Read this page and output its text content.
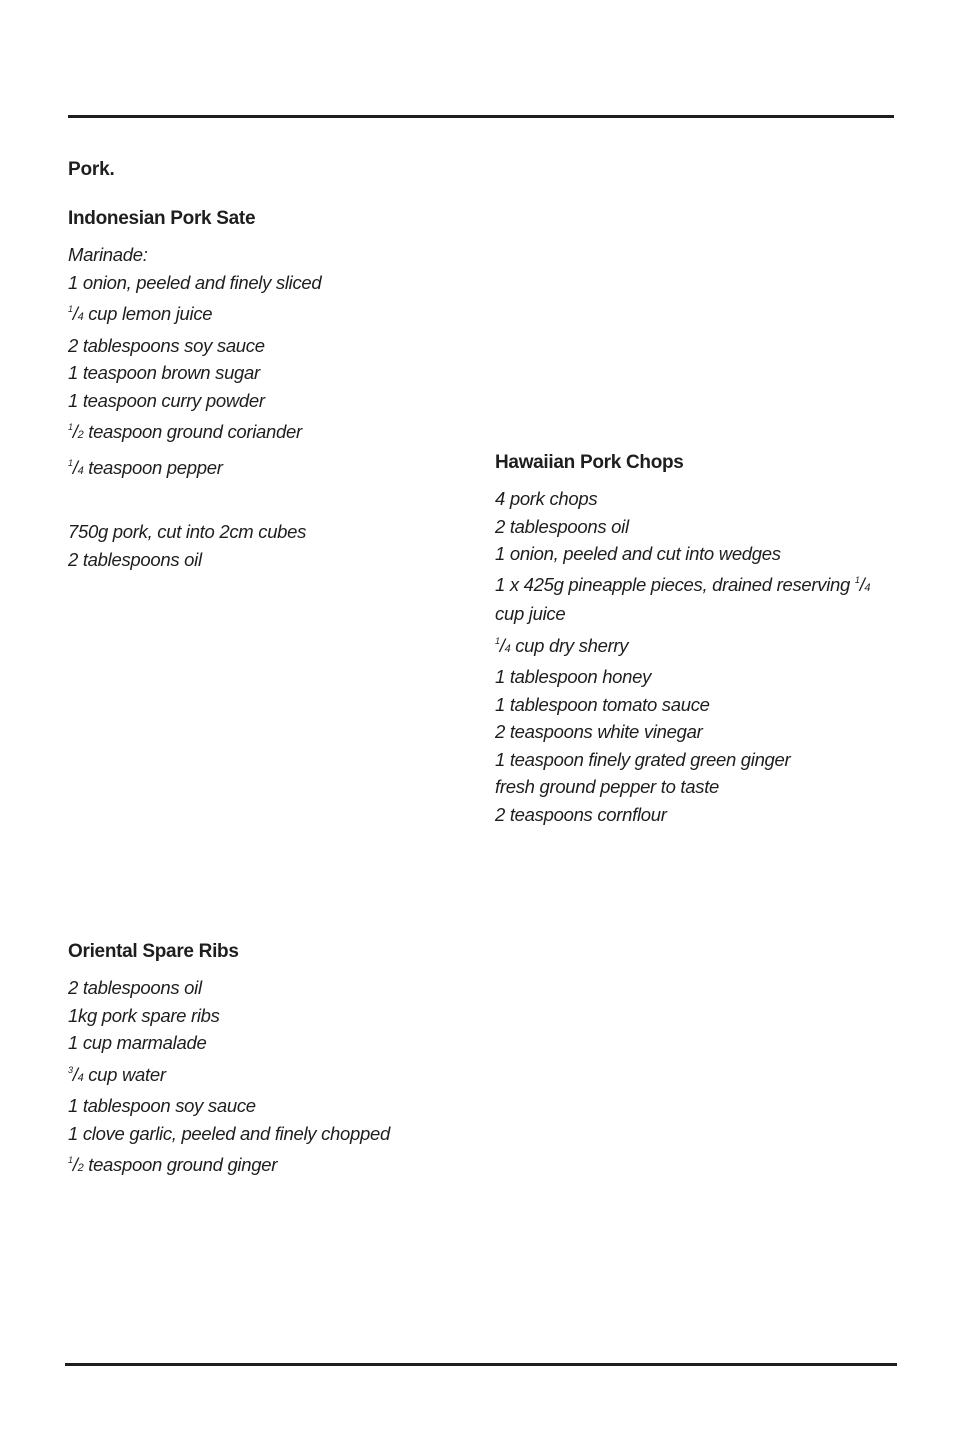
Pork.
Indonesian Pork Sate
Marinade:
1 onion, peeled and finely sliced
$^1$/4 cup lemon juice
2 tablespoons soy sauce
1 teaspoon brown sugar
1 teaspoon curry powder
$^1$/2 teaspoon ground coriander
$^1$/4 teaspoon pepper
750g pork, cut into 2cm cubes
2 tablespoons oil
Hawaiian Pork Chops
4 pork chops
2 tablespoons oil
1 onion, peeled and cut into wedges
1 x 425g pineapple pieces, drained reserving $^1$/4 cup juice
$^1$/4 cup dry sherry
1 tablespoon honey
1 tablespoon tomato sauce
2 teaspoons white vinegar
1 teaspoon finely grated green ginger
fresh ground pepper to taste
2 teaspoons cornflour
Oriental Spare Ribs
2 tablespoons oil
1kg pork spare ribs
1 cup marmalade
$^3$/4 cup water
1 tablespoon soy sauce
1 clove garlic, peeled and finely chopped
$^1$/2 teaspoon ground ginger
